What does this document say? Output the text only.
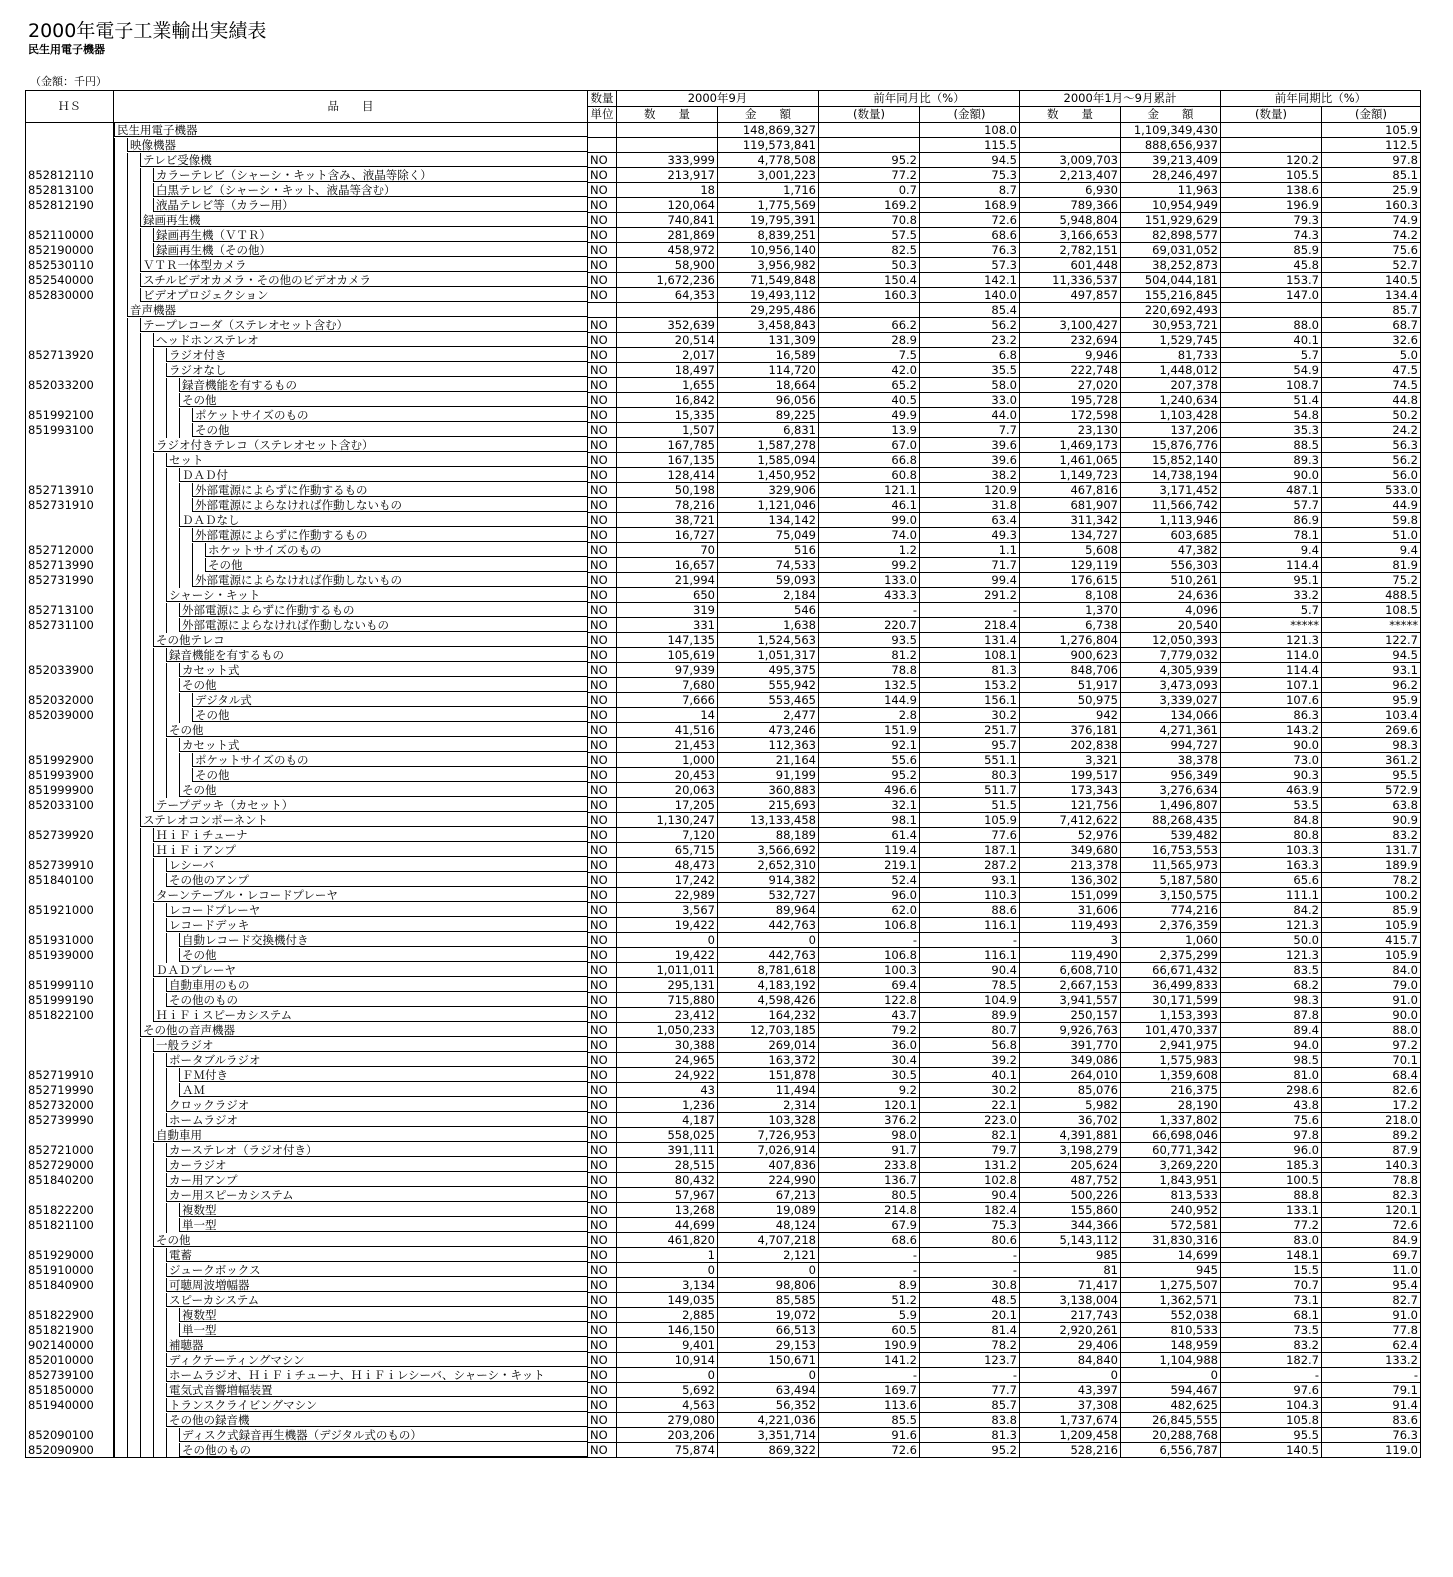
2000年電子工業輸出実績表
民生用電子機器
（金額：千円）
ＨＳ	品　　目	数量	2000年9月		前年同月比（%）		2000年1月～9月累計		前年同期比（%）	
		単位	数　　量	金　　額	(数量)	(金額)	数　　量	金　　額	(数量)	(金額)

	民生用電子機器			148,869,327		108.0		1,109,349,430		105.9

	映像機器			119,573,841		115.5		888,656,937		112.5

	テレビ受像機	NO	333,999	4,778,508	95.2	94.5	3,009,703	39,213,409	120.2	97.8
852812110	カラーテレビ（シャーシ・キット含み、液晶等除く）	NO	213,917	3,001,223	77.2	75.3	2,213,407	28,246,497	105.5	85.1
852813100	白黒テレビ（シャーシ・キット、液晶等含む）	NO	18	1,716	0.7	8.7	6,930	11,963	138.6	25.9
852812190	液晶テレビ等（カラー用）	NO	120,064	1,775,569	169.2	168.9	789,366	10,954,949	196.9	160.3

	録画再生機	NO	740,841	19,795,391	70.8	72.6	5,948,804	151,929,629	79.3	74.9
852110000	録画再生機（ＶＴＲ）	NO	281,869	8,839,251	57.5	68.6	3,166,653	82,898,577	74.3	74.2
852190000	録画再生機（その他）	NO	458,972	10,956,140	82.5	76.3	2,782,151	69,031,052	85.9	75.6
852530110	ＶＴＲ一体型カメラ	NO	58,900	3,956,982	50.3	57.3	601,448	38,252,873	45.8	52.7
852540000	スチルビデオカメラ・その他のビデオカメラ	NO	1,672,236	71,549,848	150.4	142.1	11,336,537	504,044,181	153.7	140.5
852830000	ビデオプロジェクション	NO	64,353	19,493,112	160.3	140.0	497,857	155,216,845	147.0	134.4

	音声機器			29,295,486		85.4		220,692,493		85.7

	テープレコーダ（ステレオセット含む）	NO	352,639	3,458,843	66.2	56.2	3,100,427	30,953,721	88.0	68.7

	ヘッドホンステレオ	NO	20,514	131,309	28.9	23.2	232,694	1,529,745	40.1	32.6
852713920	ラジオ付き	NO	2,017	16,589	7.5	6.8	9,946	81,733	5.7	5.0

	ラジオなし	NO	18,497	114,720	42.0	35.5	222,748	1,448,012	54.9	47.5
852033200	録音機能を有するもの	NO	1,655	18,664	65.2	58.0	27,020	207,378	108.7	74.5

	その他	NO	16,842	96,056	40.5	33.0	195,728	1,240,634	51.4	44.8
851992100	ポケットサイズのもの	NO	15,335	89,225	49.9	44.0	172,598	1,103,428	54.8	50.2
851993100	その他	NO	1,507	6,831	13.9	7.7	23,130	137,206	35.3	24.2

	ラジオ付きテレコ（ステレオセット含む）	NO	167,785	1,587,278	67.0	39.6	1,469,173	15,876,776	88.5	56.3

	セット	NO	167,135	1,585,094	66.8	39.6	1,461,065	15,852,140	89.3	56.2

	ＤＡＤ付	NO	128,414	1,450,952	60.8	38.2	1,149,723	14,738,194	90.0	56.0
852713910	外部電源によらずに作動するもの	NO	50,198	329,906	121.1	120.9	467,816	3,171,452	487.1	533.0
852731910	外部電源によらなければ作動しないもの	NO	78,216	1,121,046	46.1	31.8	681,907	11,566,742	57.7	44.9

	ＤＡＤなし	NO	38,721	134,142	99.0	63.4	311,342	1,113,946	86.9	59.8

	外部電源によらずに作動するもの	NO	16,727	75,049	74.0	49.3	134,727	603,685	78.1	51.0
852712000	ホケットサイズのもの	NO	70	516	1.2	1.1	5,608	47,382	9.4	9.4
852713990	その他	NO	16,657	74,533	99.2	71.7	129,119	556,303	114.4	81.9
852731990	外部電源によらなければ作動しないもの	NO	21,994	59,093	133.0	99.4	176,615	510,261	95.1	75.2

	シャーシ・キット	NO	650	2,184	433.3	291.2	8,108	24,636	33.2	488.5
852713100	外部電源によらずに作動するもの	NO	319	546	-	-	1,370	4,096	5.7	108.5
852731100	外部電源によらなければ作動しないもの	NO	331	1,638	220.7	218.4	6,738	20,540	*****	*****

	その他テレコ	NO	147,135	1,524,563	93.5	131.4	1,276,804	12,050,393	121.3	122.7

	録音機能を有するもの	NO	105,619	1,051,317	81.2	108.1	900,623	7,779,032	114.0	94.5
852033900	カセット式	NO	97,939	495,375	78.8	81.3	848,706	4,305,939	114.4	93.1

	その他	NO	7,680	555,942	132.5	153.2	51,917	3,473,093	107.1	96.2
852032000	デジタル式	NO	7,666	553,465	144.9	156.1	50,975	3,339,027	107.6	95.9
852039000	その他	NO	14	2,477	2.8	30.2	942	134,066	86.3	103.4

	その他	NO	41,516	473,246	151.9	251.7	376,181	4,271,361	143.2	269.6

	カセット式	NO	21,453	112,363	92.1	95.7	202,838	994,727	90.0	98.3
851992900	ポケットサイズのもの	NO	1,000	21,164	55.6	551.1	3,321	38,378	73.0	361.2
851993900	その他	NO	20,453	91,199	95.2	80.3	199,517	956,349	90.3	95.5
851999900	その他	NO	20,063	360,883	496.6	511.7	173,343	3,276,634	463.9	572.9
852033100	テープデッキ（カセット）	NO	17,205	215,693	32.1	51.5	121,756	1,496,807	53.5	63.8

	ステレオコンポーネント	NO	1,130,247	13,133,458	98.1	105.9	7,412,622	88,268,435	84.8	90.9
852739920	ＨｉＦｉチューナ	NO	7,120	88,189	61.4	77.6	52,976	539,482	80.8	83.2

	ＨｉＦｉアンプ	NO	65,715	3,566,692	119.4	187.1	349,680	16,753,553	103.3	131.7
852739910	レシーバ	NO	48,473	2,652,310	219.1	287.2	213,378	11,565,973	163.3	189.9
851840100	その他のアンプ	NO	17,242	914,382	52.4	93.1	136,302	5,187,580	65.6	78.2

	ターンテーブル・レコードプレーヤ	NO	22,989	532,727	96.0	110.3	151,099	3,150,575	111.1	100.2
851921000	レコードプレーヤ	NO	3,567	89,964	62.0	88.6	31,606	774,216	84.2	85.9

	レコードデッキ	NO	19,422	442,763	106.8	116.1	119,493	2,376,359	121.3	105.9
851931000	自動レコード交換機付き	NO	0	0	-	-	3	1,060	50.0	415.7
851939000	その他	NO	19,422	442,763	106.8	116.1	119,490	2,375,299	121.3	105.9

	ＤＡＤプレーヤ	NO	1,011,011	8,781,618	100.3	90.4	6,608,710	66,671,432	83.5	84.0
851999110	自動車用のもの	NO	295,131	4,183,192	69.4	78.5	2,667,153	36,499,833	68.2	79.0
851999190	その他のもの	NO	715,880	4,598,426	122.8	104.9	3,941,557	30,171,599	98.3	91.0
851822100	ＨｉＦｉスピーカシステム	NO	23,412	164,232	43.7	89.9	250,157	1,153,393	87.8	90.0

	その他の音声機器	NO	1,050,233	12,703,185	79.2	80.7	9,926,763	101,470,337	89.4	88.0

	一般ラジオ	NO	30,388	269,014	36.0	56.8	391,770	2,941,975	94.0	97.2

	ポータブルラジオ	NO	24,965	163,372	30.4	39.2	349,086	1,575,983	98.5	70.1
852719910	ＦＭ付き	NO	24,922	151,878	30.5	40.1	264,010	1,359,608	81.0	68.4
852719990	ＡＭ	NO	43	11,494	9.2	30.2	85,076	216,375	298.6	82.6
852732000	クロックラジオ	NO	1,236	2,314	120.1	22.1	5,982	28,190	43.8	17.2
852739990	ホームラジオ	NO	4,187	103,328	376.2	223.0	36,702	1,337,802	75.6	218.0

	自動車用	NO	558,025	7,726,953	98.0	82.1	4,391,881	66,698,046	97.8	89.2
852721000	カーステレオ（ラジオ付き）	NO	391,111	7,026,914	91.7	79.7	3,198,279	60,771,342	96.0	87.9
852729000	カーラジオ	NO	28,515	407,836	233.8	131.2	205,624	3,269,220	185.3	140.3
851840200	カー用アンプ	NO	80,432	224,990	136.7	102.8	487,752	1,843,951	100.5	78.8

	カー用スピーカシステム	NO	57,967	67,213	80.5	90.4	500,226	813,533	88.8	82.3
851822200	複数型	NO	13,268	19,089	214.8	182.4	155,860	240,952	133.1	120.1
851821100	単一型	NO	44,699	48,124	67.9	75.3	344,366	572,581	77.2	72.6

	その他	NO	461,820	4,707,218	68.6	80.6	5,143,112	31,830,316	83.0	84.9
851929000	電蓄	NO	1	2,121	-	-	985	14,699	148.1	69.7
851910000	ジュークボックス	NO	0	0	-	-	81	945	15.5	11.0
851840900	可聴周波増幅器	NO	3,134	98,806	8.9	30.8	71,417	1,275,507	70.7	95.4

	スピーカシステム	NO	149,035	85,585	51.2	48.5	3,138,004	1,362,571	73.1	82.7
851822900	複数型	NO	2,885	19,072	5.9	20.1	217,743	552,038	68.1	91.0
851821900	単一型	NO	146,150	66,513	60.5	81.4	2,920,261	810,533	73.5	77.8
902140000	補聴器	NO	9,401	29,153	190.9	78.2	29,406	148,959	83.2	62.4
852010000	ディクテーティングマシン	NO	10,914	150,671	141.2	123.7	84,840	1,104,988	182.7	133.2
852739100	ホームラジオ、ＨｉＦｉチューナ、ＨｉＦｉレシーバ、シャーシ・キット	NO	0	0	-	-	0	0	-	-
851850000	電気式音響増幅装置	NO	5,692	63,494	169.7	77.7	43,397	594,467	97.6	79.1
851940000	トランスクライビングマシン	NO	4,563	56,352	113.6	85.7	37,308	482,625	104.3	91.4

	その他の録音機	NO	279,080	4,221,036	85.5	83.8	1,737,674	26,845,555	105.8	83.6
852090100	ディスク式録音再生機器（デジタル式のもの）	NO	203,206	3,351,714	91.6	81.3	1,209,458	20,288,768	95.5	76.3
852090900	その他のもの	NO	75,874	869,322	72.6	95.2	528,216	6,556,787	140.5	119.0
